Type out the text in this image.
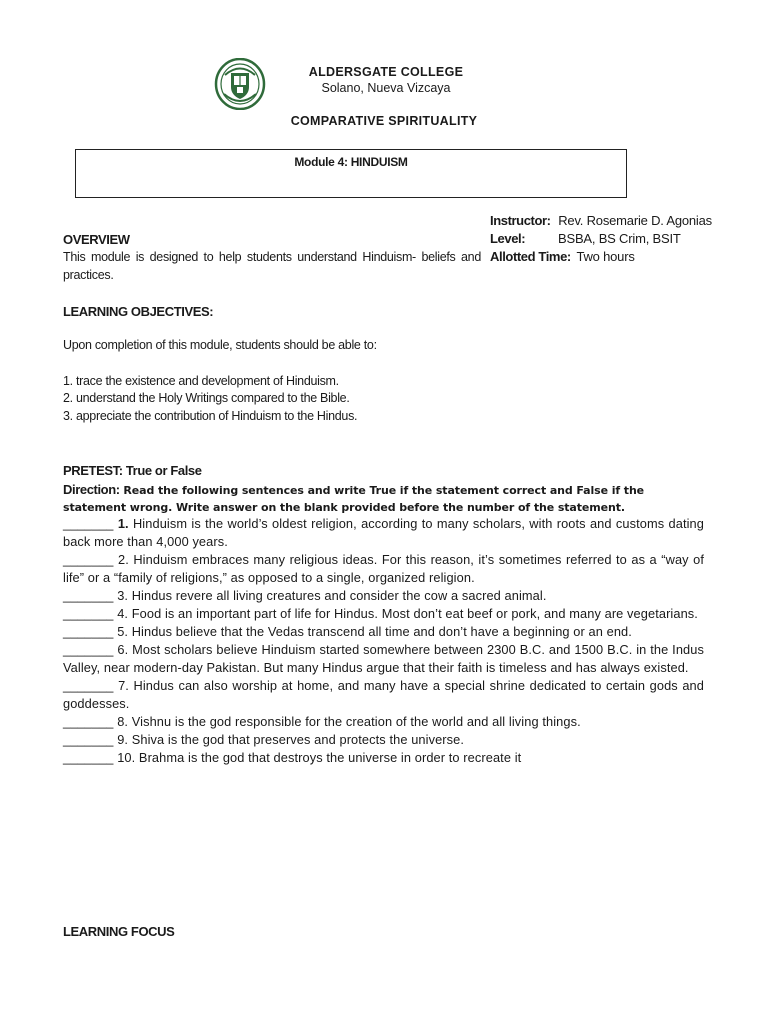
ALDERSGATE COLLEGE
Solano, Nueva Vizcaya
COMPARATIVE SPIRITUALITY
Module 4: HINDUISM
Instructor: Rev. Rosemarie D. Agonias
Level:	BSBA, BS Crim, BSIT
Allotted Time: Two hours
OVERVIEW
This module is designed to help students understand Hinduism- beliefs and practices.
LEARNING OBJECTIVES:
Upon completion of this module, students should be able to:
1. trace the existence and development of Hinduism.
2. understand the Holy Writings compared to the Bible.
3. appreciate the contribution of Hinduism to the Hindus.
PRETEST: True or False
Direction: Read the following sentences and write True if the statement correct and False if the statement wrong. Write answer on the blank provided before the number of the statement.
_______ 1. Hinduism is the world’s oldest religion, according to many scholars, with roots and customs dating back more than 4,000 years.
_______ 2. Hinduism embraces many religious ideas. For this reason, it’s sometimes referred to as a “way of life” or a “family of religions,” as opposed to a single, organized religion.
_______ 3. Hindus revere all living creatures and consider the cow a sacred animal.
_______ 4. Food is an important part of life for Hindus. Most don’t eat beef or pork, and many are vegetarians.
_______ 5. Hindus believe that the Vedas transcend all time and don’t have a beginning or an end.
_______ 6. Most scholars believe Hinduism started somewhere between 2300 B.C. and 1500 B.C. in the Indus Valley, near modern-day Pakistan. But many Hindus argue that their faith is timeless and has always existed.
_______ 7. Hindus can also worship at home, and many have a special shrine dedicated to certain gods and goddesses.
_______ 8. Vishnu is the god responsible for the creation of the world and all living things.
_______ 9. Shiva is the god that preserves and protects the universe.
_______ 10. Brahma is the god that destroys the universe in order to recreate it
LEARNING FOCUS
